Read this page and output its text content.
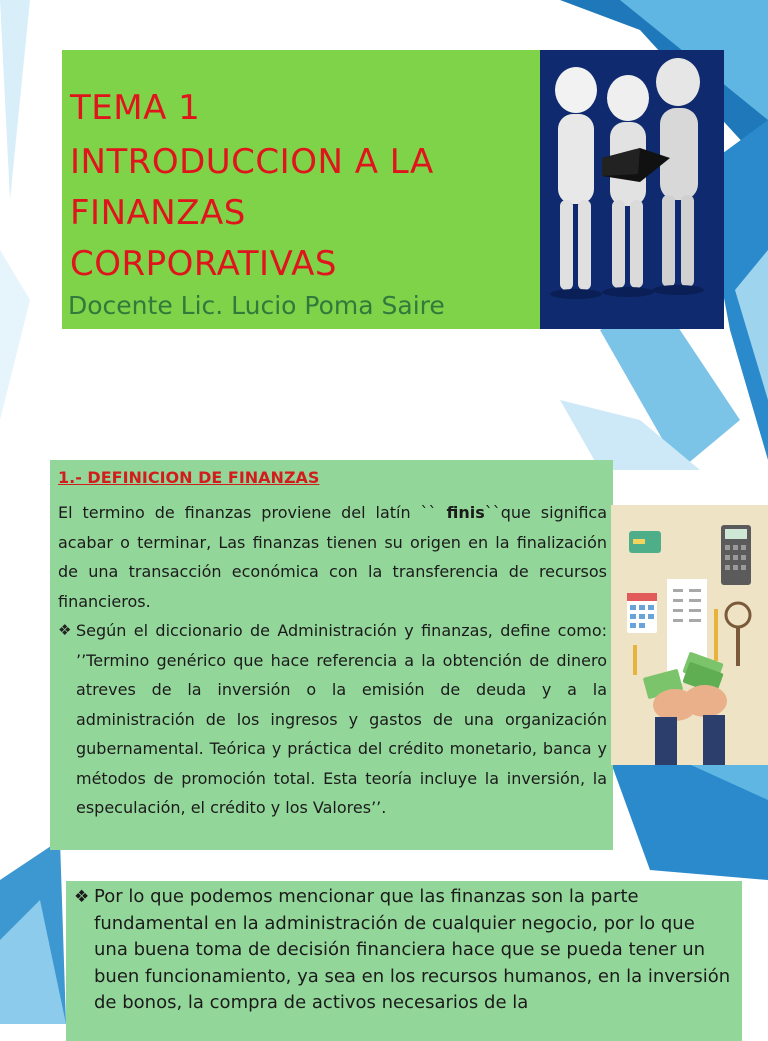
TEMA 1
INTRODUCCION A LA
FINANZAS
CORPORATIVAS

Docente Lic. Lucio Poma Saire

1.- DEFINICION DE FINANZAS

El termino de finanzas proviene del latín `` finis``que significa acabar o terminar, Las finanzas tienen su origen en la finalización de una transacción económica con la transferencia de recursos financieros.

❖ Según el diccionario de Administración y finanzas, define como: ’’Termino genérico que hace referencia a la obtención de dinero atreves de la inversión o la emisión de deuda y a la administración de los ingresos y gastos de una organización gubernamental. Teórica y práctica del crédito monetario, banca y métodos de promoción total. Esta teoría incluye la inversión, la especulación, el crédito y los Valores’’.

❖ Por lo que podemos mencionar que las finanzas son la parte fundamental en la administración de cualquier negocio, por lo que una buena toma de decisión financiera hace que se pueda tener un buen funcionamiento, ya sea en los recursos humanos, en la inversión de bonos, la compra de activos necesarios de la
